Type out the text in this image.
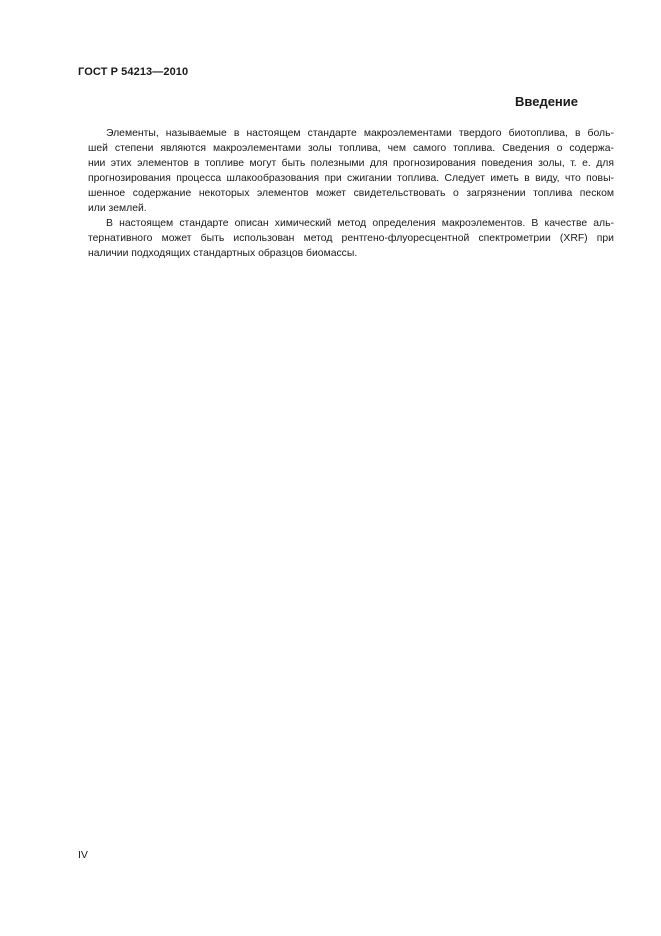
ГОСТ Р 54213—2010
Введение
Элементы, называемые в настоящем стандарте макроэлементами твердого биотоплива, в боль-
шей степени являются макроэлементами золы топлива, чем самого топлива. Сведения о содержа-
нии этих элементов в топливе могут быть полезными для прогнозирования поведения золы, т. е. для
прогнозирования процесса шлакообразования при сжигании топлива. Следует иметь в виду, что повы-
шенное содержание некоторых элементов может свидетельствовать о загрязнении топлива песком
или землей.
В настоящем стандарте описан химический метод определения макроэлементов. В качестве аль-
тернативного может быть использован метод рентгено-флуоресцентной спектрометрии (XRF) при
наличии подходящих стандартных образцов биомассы.
IV
